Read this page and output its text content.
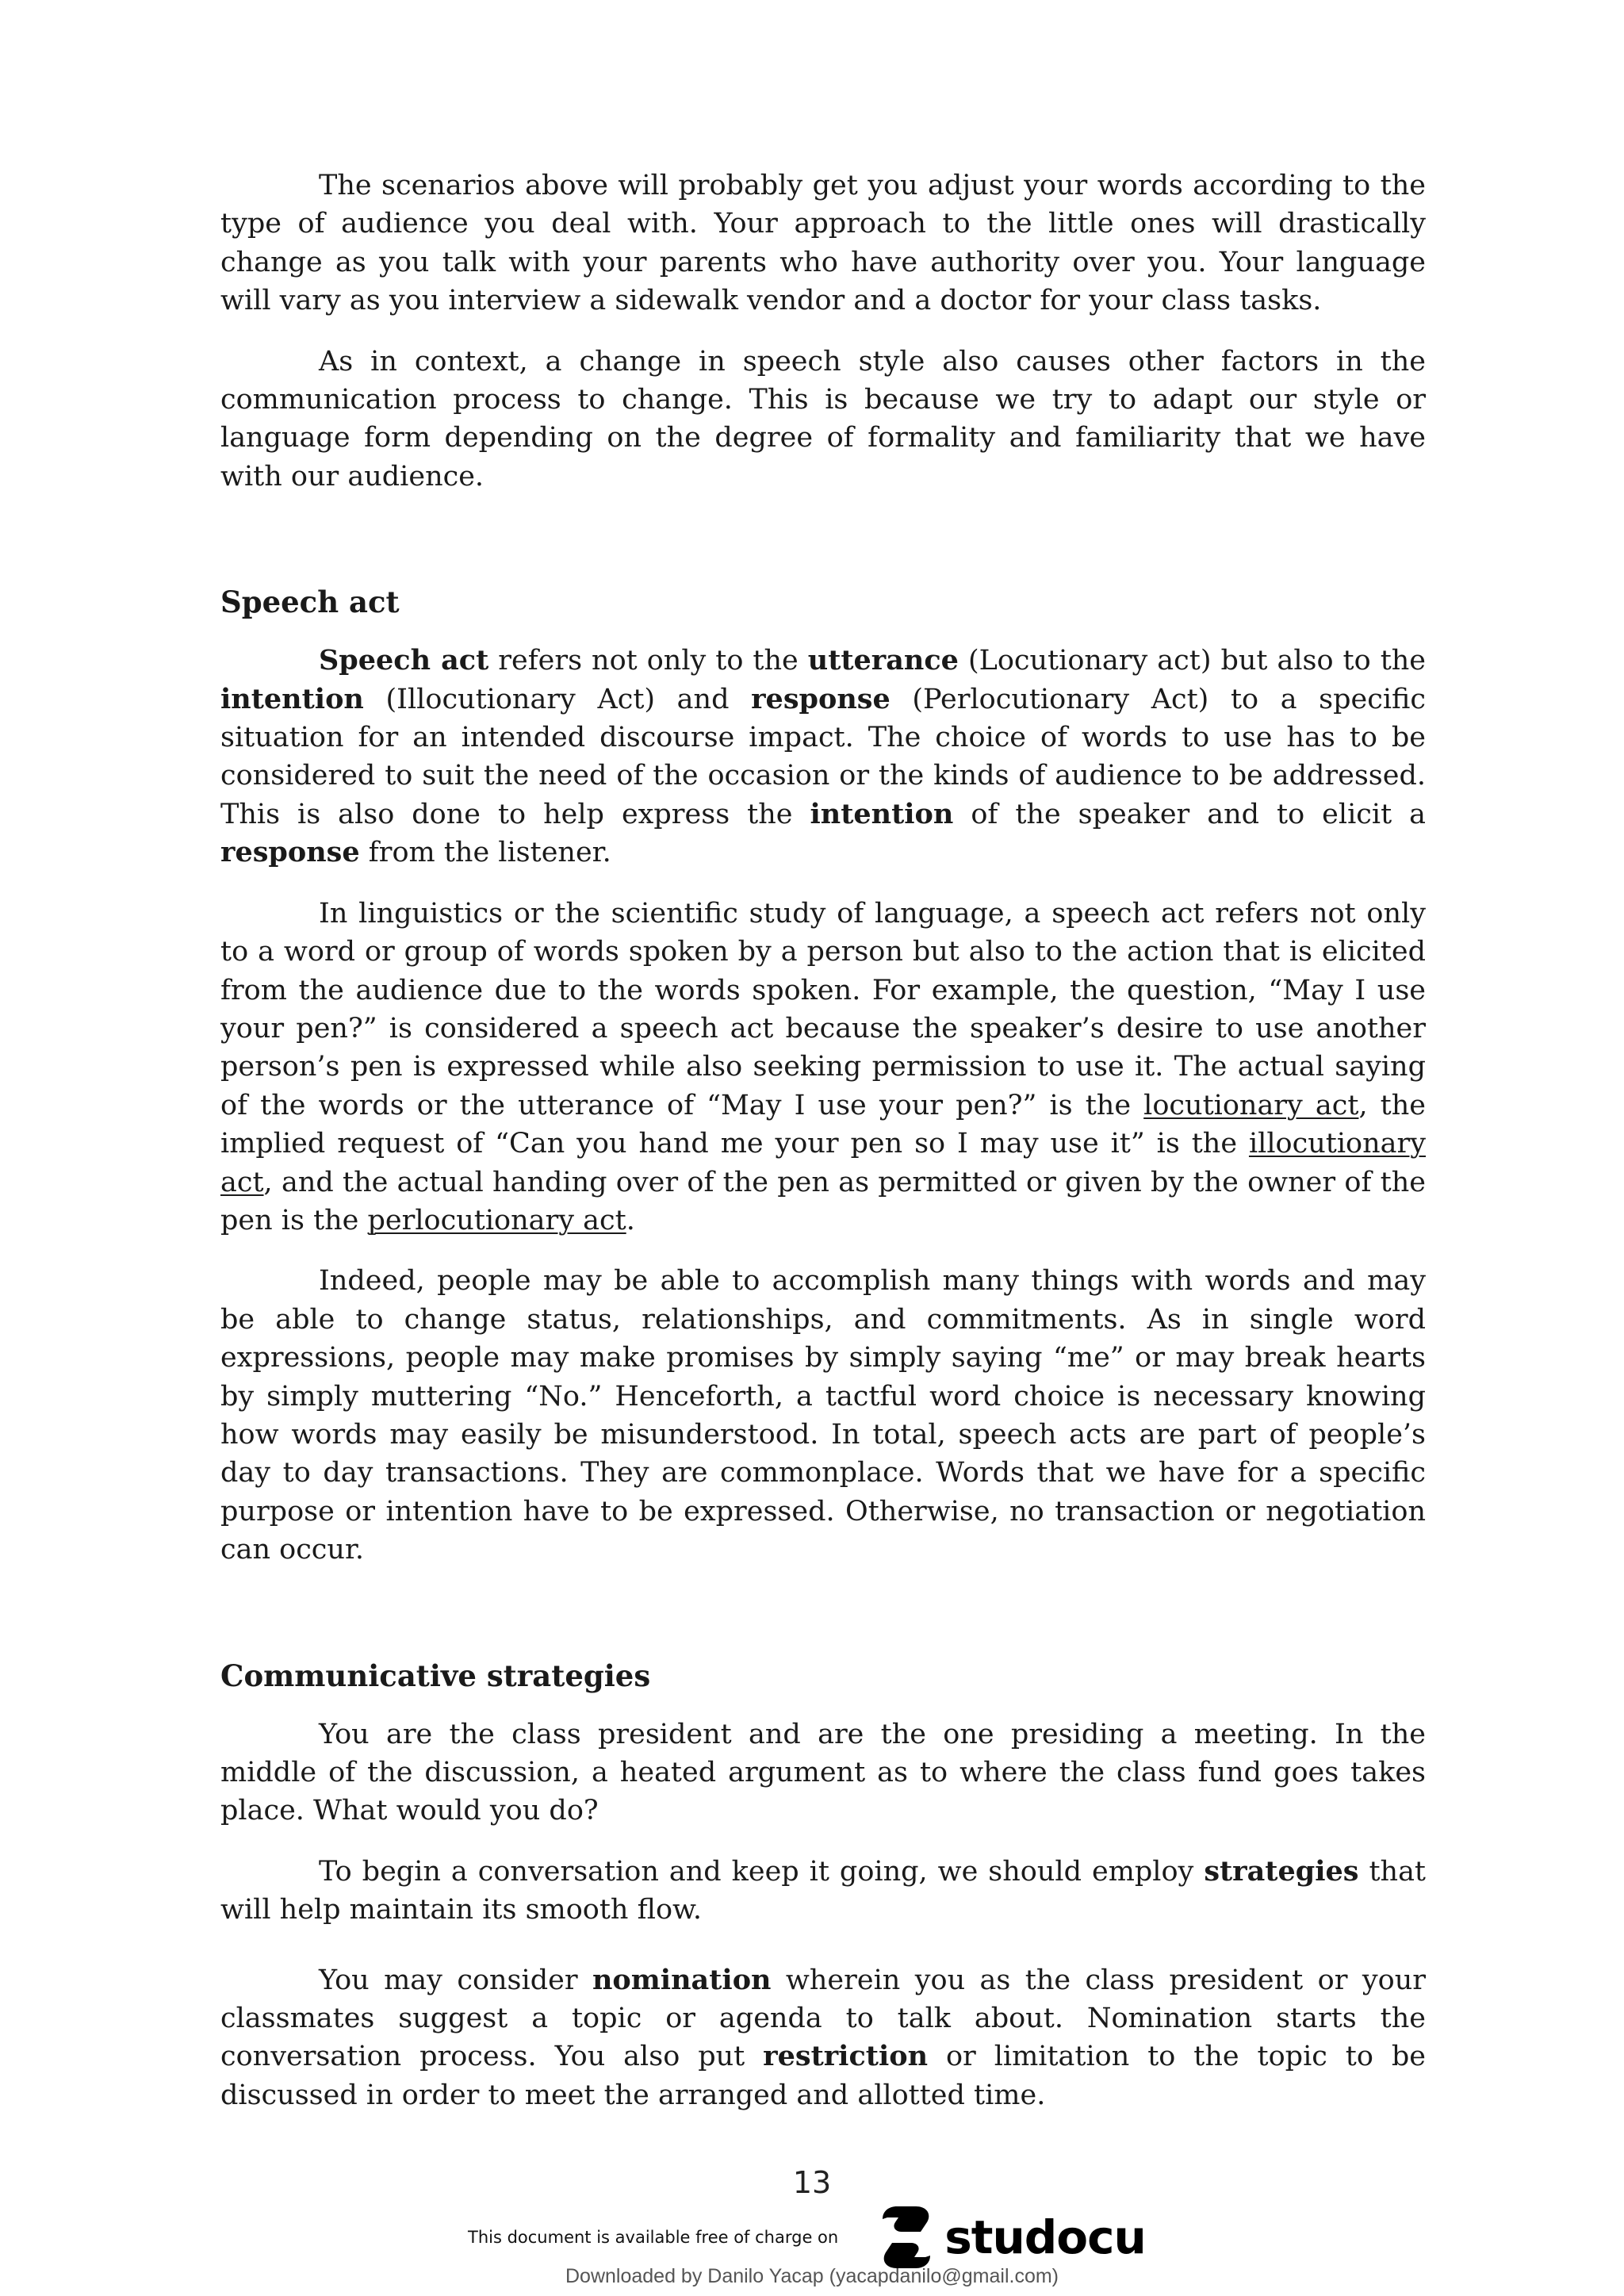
The scenarios above will probably get you adjust your words according to the type of audience you deal with. Your approach to the little ones will drastically change as you talk with your parents who have authority over you. Your language will vary as you interview a sidewalk vendor and a doctor for your class tasks.

As in context, a change in speech style also causes other factors in the communication process to change. This is because we try to adapt our style or language form depending on the degree of formality and familiarity that we have with our audience.

Speech act

Speech act refers not only to the utterance (Locutionary act) but also to the intention (Illocutionary Act) and response (Perlocutionary Act) to a specific situation for an intended discourse impact. The choice of words to use has to be considered to suit the need of the occasion or the kinds of audience to be addressed. This is also done to help express the intention of the speaker and to elicit a response from the listener.

In linguistics or the scientific study of language, a speech act refers not only to a word or group of words spoken by a person but also to the action that is elicited from the audience due to the words spoken. For example, the question, “May I use your pen?” is considered a speech act because the speaker’s desire to use another person’s pen is expressed while also seeking permission to use it. The actual saying of the words or the utterance of “May I use your pen?” is the locutionary act, the implied request of “Can you hand me your pen so I may use it” is the illocutionary act, and the actual handing over of the pen as permitted or given by the owner of the pen is the perlocutionary act.

Indeed, people may be able to accomplish many things with words and may be able to change status, relationships, and commitments. As in single word expressions, people may make promises by simply saying “me” or may break hearts by simply muttering “No.” Henceforth, a tactful word choice is necessary knowing how words may easily be misunderstood. In total, speech acts are part of people’s day to day transactions. They are commonplace. Words that we have for a specific purpose or intention have to be expressed. Otherwise, no transaction or negotiation can occur.

Communicative strategies

You are the class president and are the one presiding a meeting. In the middle of the discussion, a heated argument as to where the class fund goes takes place. What would you do?

To begin a conversation and keep it going, we should employ strategies that will help maintain its smooth flow.

You may consider nomination wherein you as the class president or your classmates suggest a topic or agenda to talk about. Nomination starts the conversation process. You also put restriction or limitation to the topic to be discussed in order to meet the arranged and allotted time.

13
This document is available free of charge on studocu
Downloaded by Danilo Yacap (yacapdanilo@gmail.com)
